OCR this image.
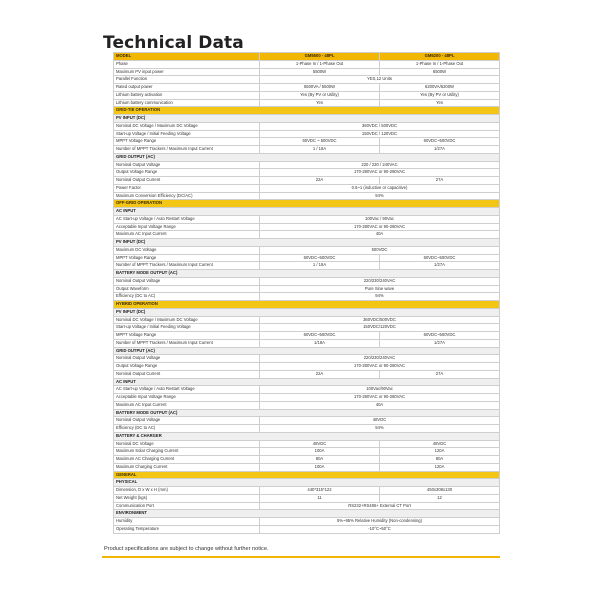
Technical Data
MODEL	GM5500 - 48PL	GM6200 - 48PL
Phase	1-Phase In / 1-Phase Out	1-Phase In / 1-Phase Out
Maximum PV input power	5500W	6500W
Parallel Function	YES,12 Units	
Rated output power	5500VA / 5500W	6200VA/6200W
Lithium battery activation	Yes (By PV or Utility)	Yes (By PV or Utility)
Lithium battery communication	Yes	Yes
GRID-TIE OPERATION		
PV INPUT (DC)		
Nominal DC Voltage / Maximum DC Voltage	360VDC / 500VDC	
Start-up Voltage / Initial Feeding Voltage	150VDC / 120VDC	
MPPT Voltage Range	60VDC ~ 500VDC	60VDC~500VDC
Number of MPPT Trackers / Maximum Input Current	1 / 18A	1/27A
GRID OUTPUT (AC)		
Nominal Output Voltage	220 / 230 / 240VAC	
Output Voltage Range	170-280VAC or 90-280VAC	
Nominal Output Current	22A	27A
Power Factor	0.6~1 (inductive or capacitive)	
Maximum Conversion Efficiency (DC/AC)	94%	
OFF-GRID OPERATION		
AC INPUT		
AC Start-up Voltage / Auto Restart Voltage	100Vac / 90Vac	
Acceptable Input Voltage Range	170-280VAC or 90-280VAC	
Maximum AC Input Current	40A	
PV INPUT (DC)		
Maximum DC Voltage	500VDC	
MPPT Voltage Range	60VDC~500VDC	60VDC~500VDC
Number of MPPT Trackers / Maximum Input Current	1 / 18A	1/27A
BATTERY MODE OUTPUT (AC)		
Nominal Output Voltage	220/230/240VAC	
Output Waveform	Pure Sine wave	
Efficiency (DC to AC)	94%	
HYBRID OPERATION		
PV INPUT (DC)		
Nominal DC Voltage / Maximum DC Voltage	360VDC/500VDC	
Start-up Voltage / Initial Feeding Voltage	150VDC/120VDC	
MPPT Voltage Range	60VDC~500VDC	60VDC~500VDC
Number of MPPT Trackers / Maximum Input Current	1/18A	1/27A
GRID OUTPUT (AC)		
Nominal Output Voltage	220/230/240VAC	
Output Voltage Range	170-280VAC or 90-280VAC	
Nominal Output Current	22A	27A
AC INPUT		
AC Start-up Voltage / Auto Restart Voltage	100Vac/90Vac	
Acceptable Input Voltage Range	170-280VAC or 90-280VAC	
Maximum AC Input Current	40A	
BATTERY MODE OUTPUT (AC)		
Nominal Output Voltage	48VDC	
Efficiency (DC to AC)	94%	
BATTERY & CHARGER		
Nominal DC Voltage	48VDC	48VDC
Maximum Solar Charging Current	100A	120A
Maximum AC Charging Current	80A	80A
Maximum Charging Current	100A	120A
GENERAL		
PHYSICAL		
Dimension, D x W x H (mm)	440*315*122	450x308x130
Net Weight (kgs)	11	12
Communication Port	RS232+RS485+ External CT Port	
ENVIRONMENT		
Humidity	5%~95% Relative Humidity (Non-condensing)	
Operating Temperature	-10°C~50°C	

Product specifications are subject to change without further notice.
